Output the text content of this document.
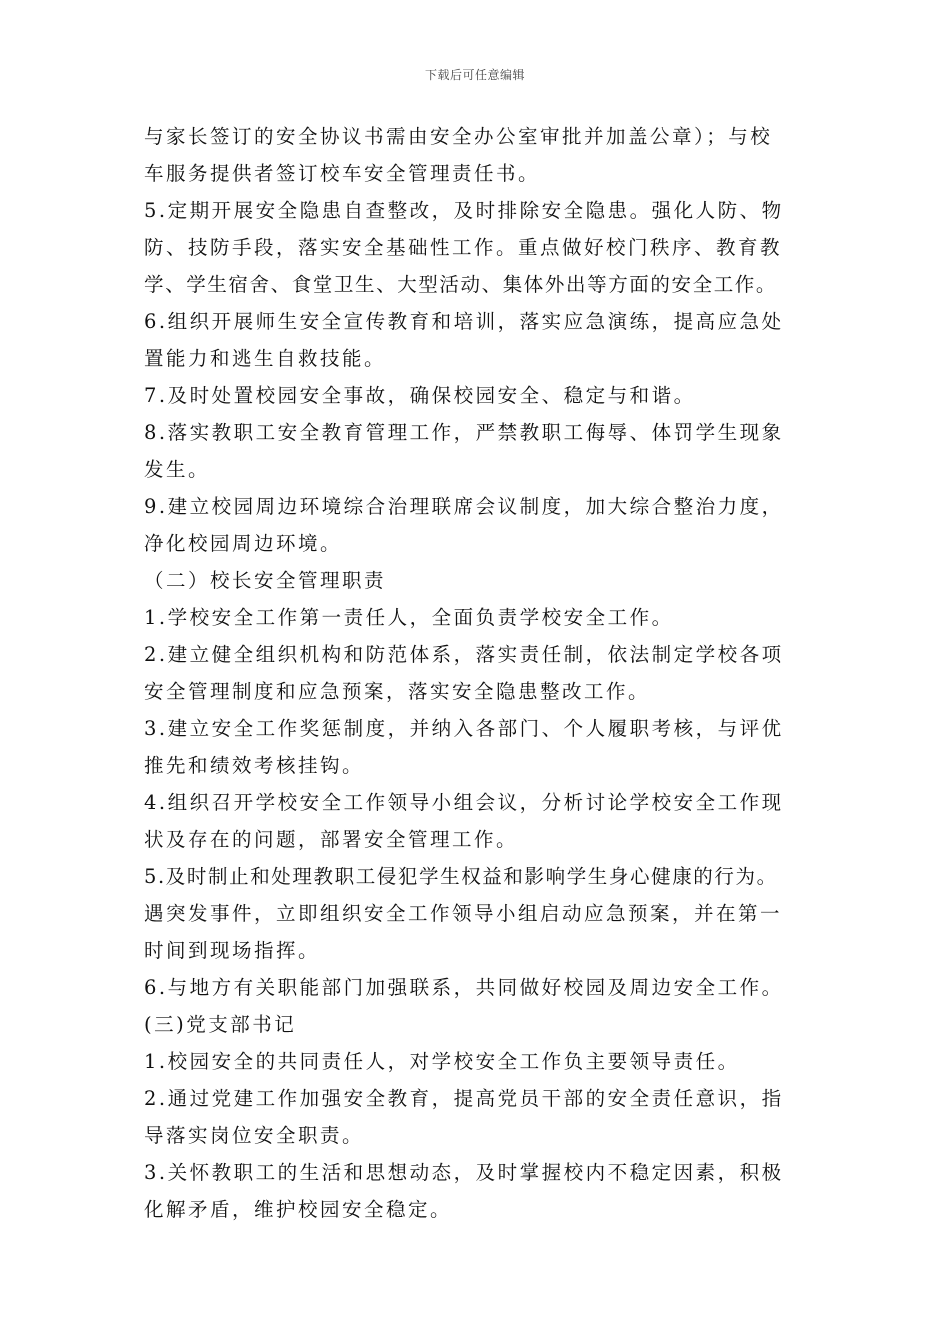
下载后可任意编辑
与家长签订的安全协议书需由安全办公室审批并加盖公章）；与校
车服务提供者签订校车安全管理责任书。
5.定期开展安全隐患自查整改，及时排除安全隐患。强化人防、物
防、技防手段，落实安全基础性工作。重点做好校门秩序、教育教
学、学生宿舍、食堂卫生、大型活动、集体外出等方面的安全工作。
6.组织开展师生安全宣传教育和培训，落实应急演练，提高应急处
置能力和逃生自救技能。
7.及时处置校园安全事故，确保校园安全、稳定与和谐。
8.落实教职工安全教育管理工作，严禁教职工侮辱、体罚学生现象
发生。
9.建立校园周边环境综合治理联席会议制度，加大综合整治力度，
净化校园周边环境。
（二）校长安全管理职责
1.学校安全工作第一责任人，全面负责学校安全工作。
2.建立健全组织机构和防范体系，落实责任制，依法制定学校各项
安全管理制度和应急预案，落实安全隐患整改工作。
3.建立安全工作奖惩制度，并纳入各部门、个人履职考核，与评优
推先和绩效考核挂钩。
4.组织召开学校安全工作领导小组会议，分析讨论学校安全工作现
状及存在的问题，部署安全管理工作。
5.及时制止和处理教职工侵犯学生权益和影响学生身心健康的行为。
遇突发事件，立即组织安全工作领导小组启动应急预案，并在第一
时间到现场指挥。
6.与地方有关职能部门加强联系，共同做好校园及周边安全工作。
(三)党支部书记
1.校园安全的共同责任人，对学校安全工作负主要领导责任。
2.通过党建工作加强安全教育，提高党员干部的安全责任意识，指
导落实岗位安全职责。
3.关怀教职工的生活和思想动态，及时掌握校内不稳定因素，积极
化解矛盾，维护校园安全稳定。
